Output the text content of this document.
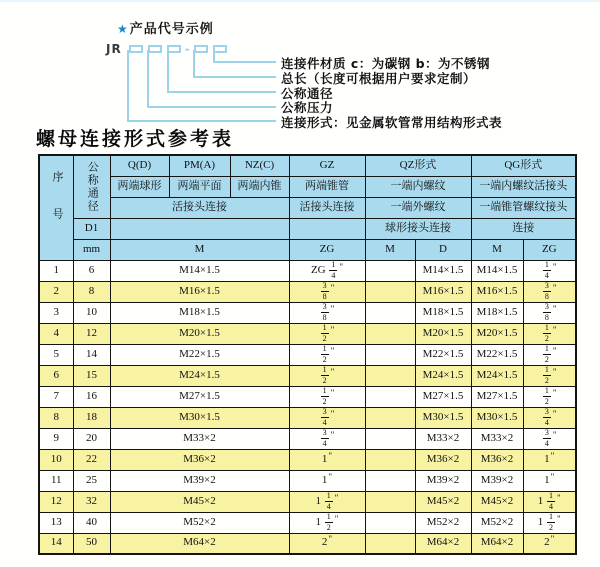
★产品代号示例
JR	-
连接件材质 c：为碳钢 b：为不锈钢
总长（长度可根据用户要求定制）
公称通径
公称压力
连接形式：见金属软管常用结构形式表
螺母连接形式参考表
序号	公称通径	Q(D)	PM(A)	NZ(C)	GZ	QZ形式		QG形式	
		两端球形	两端平面	两端内锥	两端锥管	一端内螺纹		一端内螺纹活接头	
		活接头连接			活接头连接	一端外螺纹		一端锥管螺纹接头	
	D1					球形接头连接		连接	
	mm	M			ZG	M	D	M	ZG
1	6	M14×1.5			ZG $\frac{1}{4} ^"$		M14×1.5	M14×1.5	$\frac{1}{4} ^"$
2	8	M16×1.5			$\frac{3}{8} ^"$		M16×1.5	M16×1.5	$\frac{3}{8} ^"$
3	10	M18×1.5			$\frac{3}{8} ^"$		M18×1.5	M18×1.5	$\frac{3}{8} ^"$
4	12	M20×1.5			$\frac{1}{2} ^"$		M20×1.5	M20×1.5	$\frac{1}{2} ^"$
5	14	M22×1.5			$\frac{1}{2} ^"$		M22×1.5	M22×1.5	$\frac{1}{2} ^"$
6	15	M24×1.5			$\frac{1}{2} ^"$		M24×1.5	M24×1.5	$\frac{1}{2} ^"$
7	16	M27×1.5			$\frac{1}{2} ^"$		M27×1.5	M27×1.5	$\frac{1}{2} ^"$
8	18	M30×1.5			$\frac{3}{4} ^"$		M30×1.5	M30×1.5	$\frac{3}{4} ^"$
9	20	M33×2			$\frac{3}{4} ^"$		M33×2	M33×2	$\frac{3}{4} ^"$
10	22	M36×2			1"		M36×2	M36×2	1"
11	25	M39×2			1"		M39×2	M39×2	1"
12	32	M45×2			$1 \frac{1}{4} ^"$		M45×2	M45×2	$1 \frac{1}{4} ^"$
13	40	M52×2			$1 \frac{1}{2} ^"$		M52×2	M52×2	$1 \frac{1}{2} ^"$
14	50	M64×2			2"		M64×2	M64×2	2"
